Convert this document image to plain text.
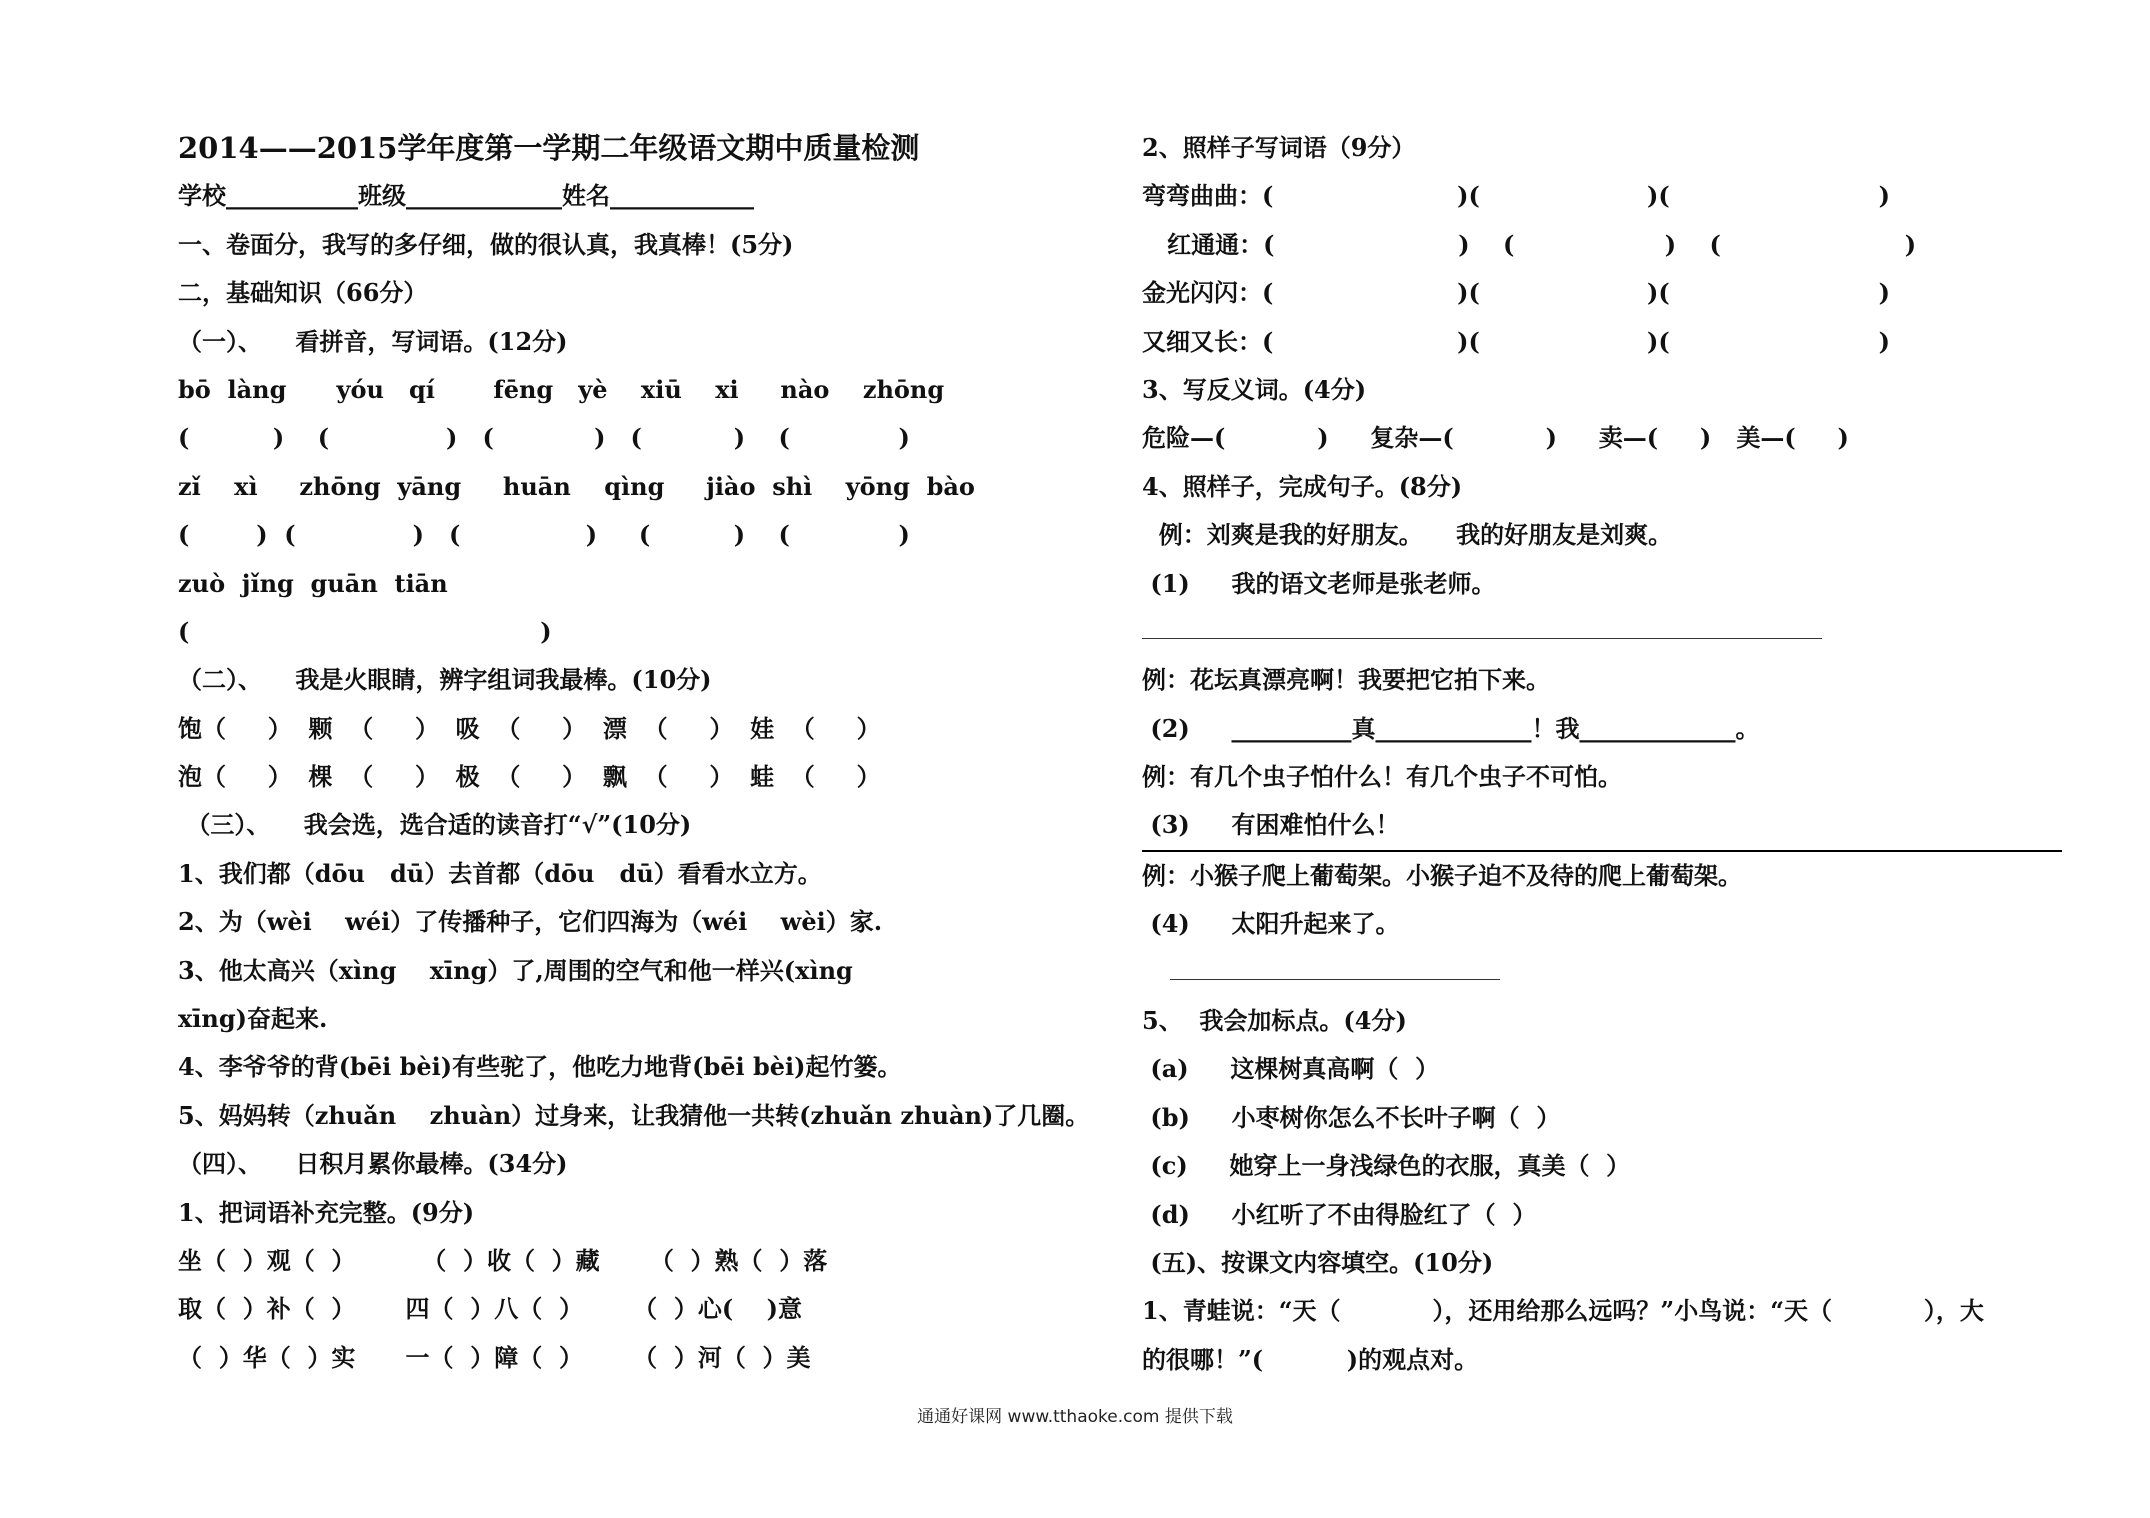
2014——2015学年度第一学期二年级语文期中质量检测
学校___________班级_____________姓名____________
一、卷面分，我写的多仔细，做的很认真，我真棒！(5分)
二，基础知识（66分）
（一）、    看拼音，写词语。(12分)
bō  làng      yóu   qí       fēng   yè    xiū    xi     nào    zhōng
(          )    (              )   (            )   (           )    (             )
zǐ    xì     zhōng  yāng     huān    qìng     jiào  shì    yōng  bào
(        )  (              )   (               )     (          )    (             )
zuò  jǐng  guān  tiān
(                                          )
（二）、    我是火眼睛，辨字组词我最棒。(10分)
饱（     ）  颗  （     ）  吸  （     ）  漂  （     ）  娃  （     ）
泡（     ）  棵  （     ）  极  （     ）  飘  （     ）  蛙  （     ）
（三）、    我会选，选合适的读音打“√”(10分)
1、我们都（dōu   dū）去首都（dōu   dū）看看水立方。
2、为（wèi    wéi）了传播种子，它们四海为（wéi    wèi）家.
3、他太高兴（xìng    xīng）了,周围的空气和他一样兴(xìng
xīng)奋起来.
4、李爷爷的背(bēi bèi)有些驼了，他吃力地背(bēi bèi)起竹篓。
5、妈妈转（zhuǎn    zhuàn）过身来，让我猜他一共转(zhuǎn zhuàn)了几圈。
（四）、    日积月累你最棒。(34分)
1、把词语补充完整。(9分)
坐（  ）观（  ）        （  ）收（  ）藏      （  ）熟（  ）落
取（  ）补（  ）      四（  ）八（  ）      （  ）心(    )意
（  ）华（  ）实      一（  ）障（  ）      （  ）河（  ）美
2、照样子写词语（9分）
弯弯曲曲：(                      )(                    )(                         )
红通通：(                      )    (                  )    (                      )
金光闪闪：(                      )(                    )(                         )
又细又长：(                      )(                    )(                         )
3、写反义词。(4分)
危险—(           )     复杂—(           )     卖—(     )   美—(     )
4、照样子，完成句子。(8分)
例：刘爽是我的好朋友。    我的好朋友是刘爽。
(1)     我的语文老师是张老师。
例：花坛真漂亮啊！我要把它拍下来。
(2)     __________真_____________！我_____________。
例：有几个虫子怕什么！有几个虫子不可怕。
(3)     有困难怕什么！
例：小猴子爬上葡萄架。小猴子迫不及待的爬上葡萄架。
(4)     太阳升起来了。
5、  我会加标点。(4分)
(a)     这棵树真高啊（  ）
(b)     小枣树你怎么不长叶子啊（  ）
(c)     她穿上一身浅绿色的衣服，真美（  ）
(d)     小红听了不由得脸红了（  ）
(五)、按课文内容填空。(10分)
1、青蛙说：“天（           ），还用给那么远吗？”小鸟说：“天（           ），大
的很哪！”(          )的观点对。
通通好课网 www.tthaoke.com 提供下载
